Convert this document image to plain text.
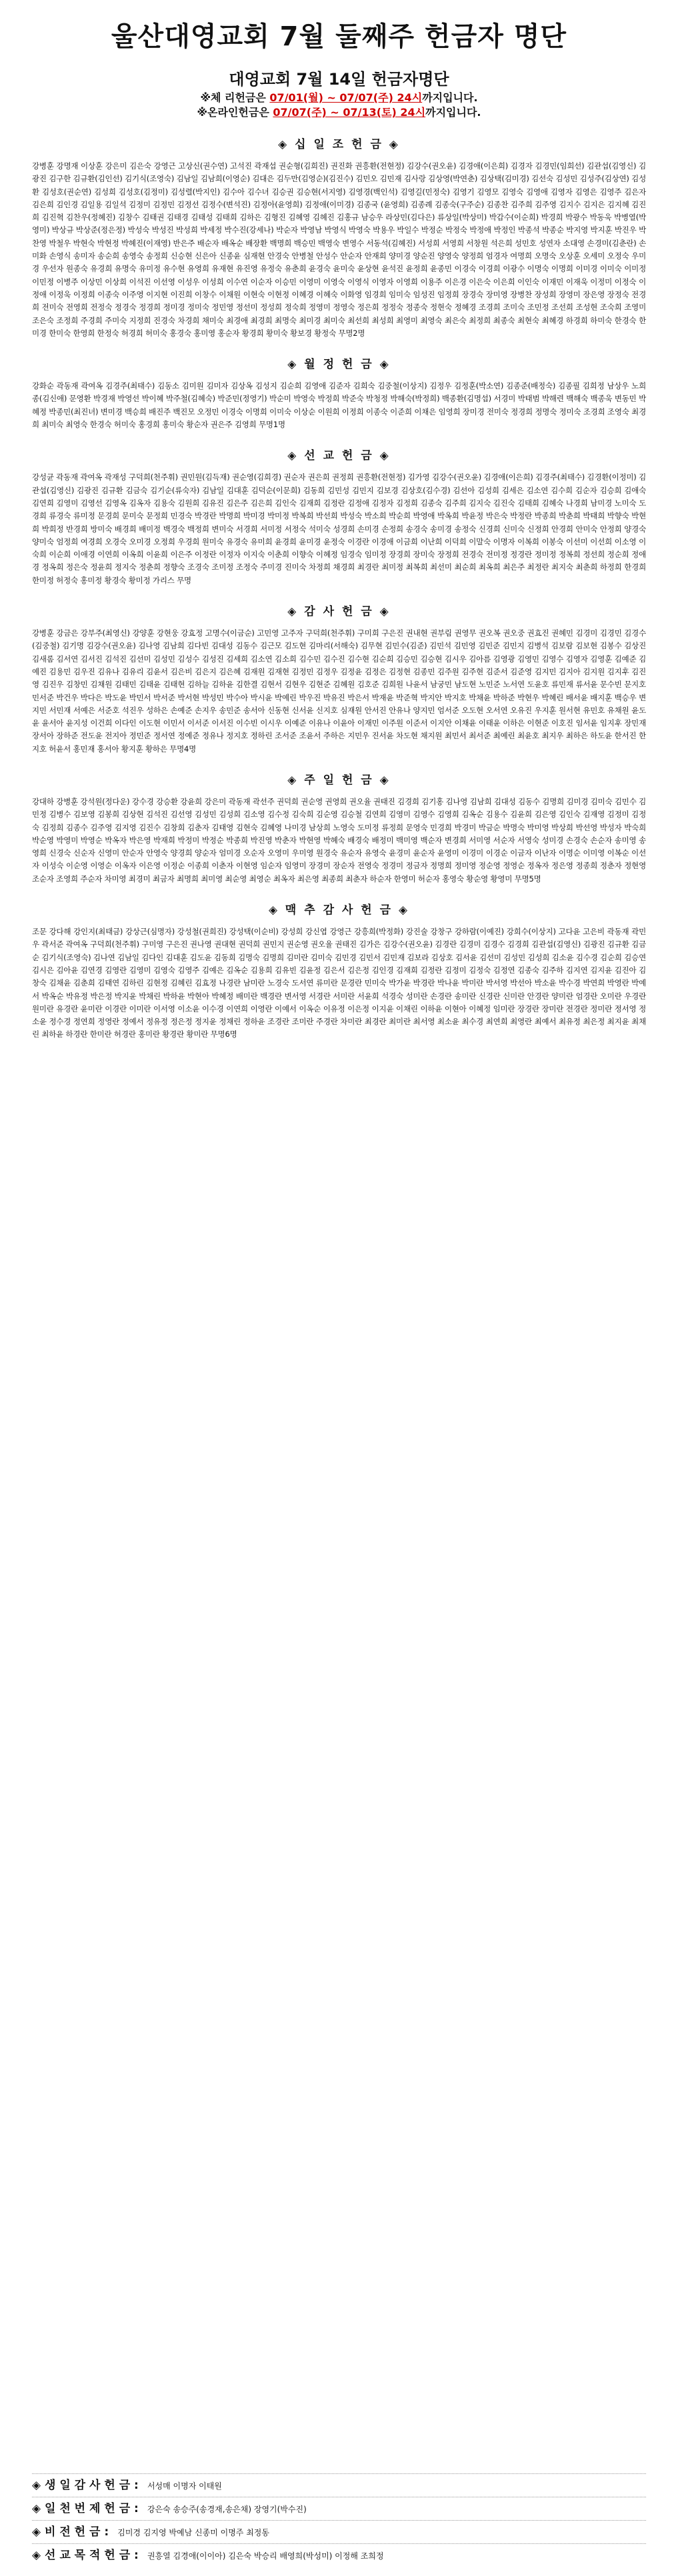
울산대영교회 7월 둘째주 헌금자 명단
대영교회 7월 14일 헌금자명단
※체 리헌금은 07/01(월) ~ 07/07(주) 24시까지입니다.
※온라인헌금은 07/07(주) ~ 07/13(토) 24시까지입니다.
◈ 십 일 조 헌 금 ◈
강병훈 강명재 이상훈 강은미 김은숙 강영근 고상신(권수연) 고석진 곽재섭 권순형(김희진) 권진화 권흥환(전현정) 김강수(권오윤) 김경애(이은희) 김경자 김경민(임희선) 김관섭(김영신) 김광진 김구한 김규환(김인선) 김기식(조영숙) 김남일 김남희(이영순) 김대은 김두만(김영순)(김진수) 김민오 김민재 김사랑 김상영(박연춘) 김상택(김미경) 김선숙 김성민 김성주(김상연) 김성환 김성호(권순연) 김성희 김성호(김정미) 김성렬(박지인) 김수아 김수녀 김승권 김승현(서지영) 김영경(백인석) 김영길(민정숙) 김영기 김영모 김영숙 김영애 김영자 김영은 김영주 김은자 김은희 김인경 김일용 김일석 김정미 김정민 김정선 김정수(변석진) 김정아(윤영희) 김정애(이미경) 김종국 (윤영희) 김종례 김종숙(구주순) 김종찬 김주희 김주영 김지수 김지은 김지혜 김진희 김진혁 김찬우(정혜진) 김창수 김태권 김태경 김태성 김태희 김하은 김형진 김혜영 김혜진 김홍규 남승우 라상민(김다은) 류상일(박상미) 박갑수(이순희) 박경희 박광수 박동욱 박병열(박영미) 박상규 박상준(정은정) 박성숙 박성진 박성희 박세정 박수진(강세나) 박순자 박영남 박영식 박영숙 박용우 박일수 박정순 박정숙 박정애 박정인 박종석 박종순 박지영 박지훈 박진우 박찬영 박철우 박현숙 박현정 박혜진(이재영) 반은주 배순자 배옥순 배장환 백명희 백승민 백영숙 변영수 서동석(김혜진) 서성희 서영희 서창원 석은희 성민호 성연자 소대영 손경미(김춘란) 손미화 손영식 송미자 송순희 송영숙 송정희 신승현 신은아 신종윤 심재현 안경숙 안병철 안성수 안순자 안재희 양미경 양순진 양영숙 양정희 엄경자 여명희 오명숙 오상훈 오세미 오정숙 우미경 우선자 원종숙 유경희 유명숙 유미정 유수현 유영희 유재현 유진영 유정숙 유춘희 윤경숙 윤미숙 윤상현 윤석진 윤정희 윤종민 이경숙 이경희 이광수 이명숙 이명희 이미경 이미숙 이미정 이민정 이병주 이상민 이상희 이석진 이선영 이성우 이성희 이수연 이순자 이승민 이영미 이영숙 이영식 이영자 이영희 이용주 이은경 이은숙 이은희 이인숙 이재민 이재욱 이정미 이정숙 이정애 이정욱 이정희 이종숙 이주영 이지현 이진희 이창수 이채원 이현숙 이현정 이혜경 이혜숙 이화영 임경희 임미숙 임성진 임정희 장경숙 장미영 장병찬 장성희 장영미 장은영 장정숙 전경희 전미숙 전영희 전정숙 정경숙 정경희 정미경 정미숙 정민영 정선미 정성희 정숙희 정영미 정영숙 정은희 정정숙 정종숙 정현숙 정혜경 조경희 조미숙 조민정 조선희 조성현 조숙희 조영미 조은숙 조정희 주경희 주미숙 지정희 진경숙 차경희 채미숙 최경애 최경희 최명숙 최미경 최미숙 최선희 최성희 최영미 최영숙 최은숙 최정희 최종숙 최현숙 최혜경 하경희 하미숙 한경숙 한미경 한미숙 한영희 한정숙 허경희 허미숙 홍경숙 홍미영 홍순자 황경희 황미숙 황보경 황정숙 무명2명
◈ 월 정 헌 금 ◈
강화순 곽동재 곽여옥 김경주(최태수) 김동소 김미원 김미자 김상옥 김성지 김순희 김영애 김준자 김희숙 김중철(이상지) 김정우 김정훈(박소연) 김종준(배정숙) 김종필 김희정 남상우 노희종(김신애) 문영환 박경재 박영선 박이혜 박주철(김혜숙) 박준민(정영기) 박순미 박영숙 박정희 박준숙 박청정 박해숙(박정희) 백종환(김명섭) 서경미 박태범 박해련 백해숙 백종욱 변동민 박혜정 박종민(최진녀) 변미경 백승희 배진주 백진모 오정민 이경숙 이명희 이미숙 이상순 이원희 이정희 이종숙 이준희 이채은 임영희 장미경 전미숙 정경희 정명숙 정미숙 조경희 조영숙 최경희 최미숙 최영숙 한경숙 허미숙 홍경희 홍미숙 황순자 권은주 김영희 무명1명
◈ 선 교 헌 금 ◈
강성균 곽동재 곽여옥 곽재성 구덕희(천주휘) 권민원(김득재) 권순영(김희경) 권순자 권은희 권정희 권흥환(전현정) 김가영 김강수(권오윤) 김경애(이은희) 김경주(최태수) 김경환(이정미) 김관섭(김영신) 김광진 김규환 김금숙 김기순(류숙자) 김남일 김대훈 김덕순(이문희) 김동희 김민성 김민지 김보경 김상호(김수경) 김선아 김성희 김세은 김소연 김수희 김순자 김승희 김애숙 김연희 김영미 김영선 김영옥 김옥자 김용숙 김원희 김유진 김은주 김은희 김인숙 김재희 김정란 김정애 김정자 김정희 김종숙 김주희 김지숙 김진숙 김태희 김혜숙 나경희 남미경 노미숙 도경희 류경숙 류미정 문경희 문미숙 문정희 민경숙 박경란 박명희 박미경 박미정 박복희 박선희 박성숙 박소희 박순희 박영애 박옥희 박윤정 박은숙 박정란 박종희 박춘희 박태희 박향숙 박현희 박희정 반경희 방미숙 배경희 배미정 백경숙 백정희 변미숙 서경희 서미정 서정숙 석미숙 성경희 손미경 손정희 송경숙 송미경 송정숙 신경희 신미숙 신정희 안경희 안미숙 안정희 양경숙 양미숙 엄정희 여경희 오경숙 오미경 오정희 우경희 원미숙 유경숙 유미희 윤경희 윤미경 윤정숙 이경란 이경애 이금희 이난희 이덕희 이말숙 이명자 이복희 이봉숙 이선미 이선희 이소영 이숙희 이순희 이애경 이연희 이옥희 이윤희 이은주 이정란 이정자 이지숙 이춘희 이향숙 이혜정 임경숙 임미정 장경희 장미숙 장정희 전경숙 전미정 정경란 정미정 정복희 정선희 정순희 정애경 정옥희 정은숙 정윤희 정지숙 정춘희 정향숙 조경숙 조미정 조정숙 주미경 진미숙 차정희 채경희 최경란 최미정 최복희 최선미 최순희 최옥희 최은주 최정란 최지숙 최춘희 하정희 한경희 한미정 허정숙 홍미정 황경숙 황미정 가리스 무명
◈ 감 사 헌 금 ◈
강병훈 강금은 강부주(최영신) 강양훈 강현웅 강효정 고명수(이금순) 고민영 고주자 구덕희(천주휘) 구미희 구은진 권내현 권부림 권영무 권오복 권오중 권효진 권혜민 김경미 김경민 김경수(김중철) 김기명 김강수(권오윤) 김나영 김남희 김다빈 김대성 김동수 김근모 김도현 김마리(서해숙) 김무현 김민수(김준) 김민석 김민영 김민준 김민지 김병석 김보람 김보현 김봉수 김상진 김새롬 김서연 김서진 김석진 김선미 김성민 김성수 김성진 김세희 김소연 김소희 김수민 김수진 김수현 김순희 김승민 김승현 김시우 김아름 김영광 김영민 김영수 김영자 김영훈 김예준 김예진 김용민 김우진 김유나 김유리 김윤서 김은비 김은지 김은혜 김재원 김재현 김정민 김정우 김정윤 김정은 김정현 김종민 김주원 김주현 김준서 김준영 김지민 김지아 김지원 김지후 김진영 김진우 김창민 김채원 김태민 김태윤 김태현 김하늘 김하윤 김한결 김현서 김현우 김현준 김혜원 김호준 김희원 나윤서 남궁민 남도현 노민준 노서연 도윤호 류민재 류서윤 문수빈 문지호 민서준 박건우 박다은 박도윤 박민서 박서준 박서현 박성민 박수아 박시윤 박예린 박우진 박유진 박은서 박재윤 박준혁 박지안 박지호 박채윤 박하준 박현우 박혜린 배서윤 배지훈 백승우 변지민 서민재 서예은 서준호 석진우 성하은 손예준 손지우 송민준 송서아 신동현 신서윤 신지호 심재원 안서진 안유나 양지민 엄서준 오도현 오서연 오유진 우지훈 원서현 유민호 유채원 윤도윤 윤서아 윤지성 이건희 이다인 이도현 이민서 이서준 이서진 이수빈 이시우 이예준 이유나 이윤아 이재민 이주원 이준서 이지안 이채윤 이태윤 이하은 이현준 이호진 임서윤 임지후 장민재 장서아 장하준 전도윤 전지아 정민준 정서연 정예준 정유나 정지호 정하린 조서준 조윤서 주하은 지민우 진서윤 차도현 채지원 최민서 최서준 최예린 최윤호 최지우 최하은 하도윤 한서진 한지호 허윤서 홍민재 홍서아 황지훈 황하은 무명4명
◈ 주 일 헌 금 ◈
강대하 강병훈 강석원(정다운) 강수경 강승환 강윤희 강은미 곽동재 곽선주 권덕희 권순영 권영희 권오율 권태진 김경희 김기홍 김나영 김남희 김대성 김동수 김명희 김미경 김미숙 김민수 김민정 김병수 김보영 김봉희 김상현 김석진 김선영 김성민 김성희 김소영 김수정 김숙희 김순영 김승철 김연희 김영미 김영수 김영희 김옥순 김용수 김윤희 김은영 김인숙 김재영 김정미 김정숙 김정희 김종수 김주영 김지영 김진수 김창희 김춘자 김태영 김현숙 김혜영 나미경 남상희 노영숙 도미정 류정희 문영숙 민경희 박경미 박금순 박명숙 박미영 박상희 박선영 박성자 박숙희 박순영 박영미 박영순 박옥자 박은영 박재희 박정미 박정순 박종희 박진영 박춘자 박현영 박혜숙 배경숙 배정미 백미영 백순자 변경희 서미영 서순자 서영숙 성미경 손경숙 손순자 송미영 송영희 신경숙 신순자 신영미 안순자 안영숙 양경희 양순자 엄미경 오순자 오영미 우미영 원경숙 유순자 유영숙 윤경미 윤순자 윤영미 이경미 이경순 이금자 이난자 이명순 이미영 이복순 이선자 이성숙 이순영 이영순 이옥자 이은영 이정순 이종희 이춘자 이현영 임순자 임영미 장경미 장순자 전영숙 정경미 정금자 정명희 정미영 정순영 정영순 정옥자 정은영 정종희 정춘자 정현영 조순자 조영희 주순자 차미영 최경미 최금자 최명희 최미영 최순영 최영순 최옥자 최은영 최종희 최춘자 하순자 한영미 허순자 홍영숙 황순영 황영미 무명5명
◈ 맥 추 감 사 헌 금 ◈
조문 강다해 강인지(최태금) 강상근(심명자) 강성철(권희진) 강성택(이순비) 강성희 강신엽 강영근 강흥희(박정화) 강진술 강창구 강하람(이예진) 강희수(이상지) 고다윤 고은비 곽동재 곽민우 곽서준 곽여옥 구덕희(천주휘) 구미영 구은진 권나영 권대현 권덕희 권민지 권순영 권오율 권태진 김가은 김강수(권오윤) 김경란 김경미 김경수 김경희 김관섭(김영신) 김광진 김규환 김금순 김기식(조영숙) 김나연 김남일 김다인 김대훈 김도윤 김동희 김명숙 김명희 김미란 김미숙 김민경 김민서 김민재 김보라 김상호 김서윤 김선미 김성민 김성희 김소윤 김수경 김순희 김승연 김시은 김아윤 김연경 김영란 김영미 김영숙 김영주 김예은 김옥순 김용희 김유빈 김윤정 김은서 김은정 김인경 김재희 김정란 김정미 김정숙 김정연 김종숙 김주하 김지연 김지윤 김진아 김창숙 김채윤 김춘희 김태연 김하린 김현정 김혜린 김효정 나경란 남미란 노경숙 도서연 류미란 문경란 민미숙 박가윤 박경란 박나윤 박미란 박서영 박선아 박소윤 박수경 박연희 박영란 박예서 박옥순 박유정 박은정 박지윤 박채린 박하윤 박현아 박혜정 배미란 백경란 변서영 서경란 서미란 서윤희 석경숙 성미란 손경란 송미란 신경란 신미란 안경란 양미란 엄경란 오미란 우경란 원미란 유경란 윤미란 이경란 이미란 이서영 이소윤 이수경 이연희 이영란 이예서 이옥순 이유정 이은정 이지윤 이채린 이하윤 이현아 이혜정 임미란 장경란 장미란 전경란 정미란 정서영 정소윤 정수경 정연희 정영란 정예서 정유정 정은정 정지윤 정채린 정하윤 조경란 조미란 주경란 차미란 최경란 최미란 최서영 최소윤 최수경 최연희 최영란 최예서 최유정 최은정 최지윤 최채린 최하윤 하경란 한미란 허경란 홍미란 황경란 황미란 무명6명
◈ 생 일 감 사 헌 금 : 서성매 이명자 이태원
◈ 일 천 번 제 헌 금 : 강은숙 송승주(송경재,송은채) 장영기(박수진)
◈ 비 전 헌 금 : 김미경 김지영 박예남 신종미 이명주 최정동
◈ 선 교 목 적 헌 금 : 권흥열 김경애(이이아) 김은숙 박승리 배영희(박성미) 이정해 조희정
